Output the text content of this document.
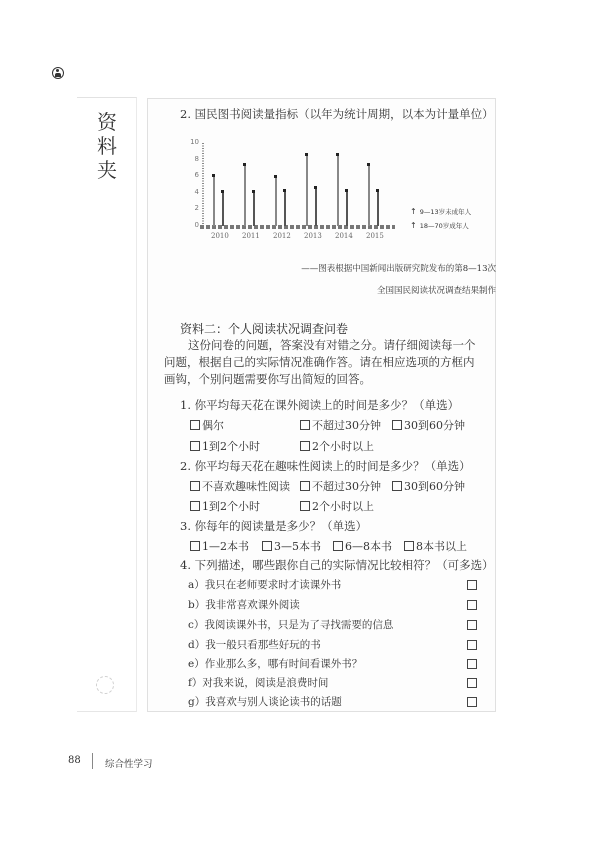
资料夹
2. 国民图书阅读量指标（以年为统计周期，以本为计量单位）
0
2
4
6
8
10
2010 2011 2012 2013 2014 2015
↑ 9—13岁未成年人
↑ 18—70岁成年人
——图表根据中国新闻出版研究院发布的第8—13次
全国国民阅读状况调查结果制作
资料二：个人阅读状况调查问卷
这份问卷的问题，答案没有对错之分。请仔细阅读每一个问题，根据自己的实际情况准确作答。请在相应选项的方框内画钩，个别问题需要你写出简短的回答。
1. 你平均每天花在课外阅读上的时间是多少？（单选）
偶尔	不超过30分钟	30到60分钟
1到2个小时	2个小时以上
2. 你平均每天花在趣味性阅读上的时间是多少？（单选）
不喜欢趣味性阅读	不超过30分钟	30到60分钟
1到2个小时	2个小时以上
3. 你每年的阅读量是多少？（单选）
1—2本书	3—5本书	6—8本书	8本书以上
4. 下列描述，哪些跟你自己的实际情况比较相符？（可多选）
a）我只在老师要求时才读课外书
b）我非常喜欢课外阅读
c）我阅读课外书，只是为了寻找需要的信息
d）我一般只看那些好玩的书
e）作业那么多，哪有时间看课外书？
f）对我来说，阅读是浪费时间
g）我喜欢与别人谈论读书的话题
88	综合性学习
